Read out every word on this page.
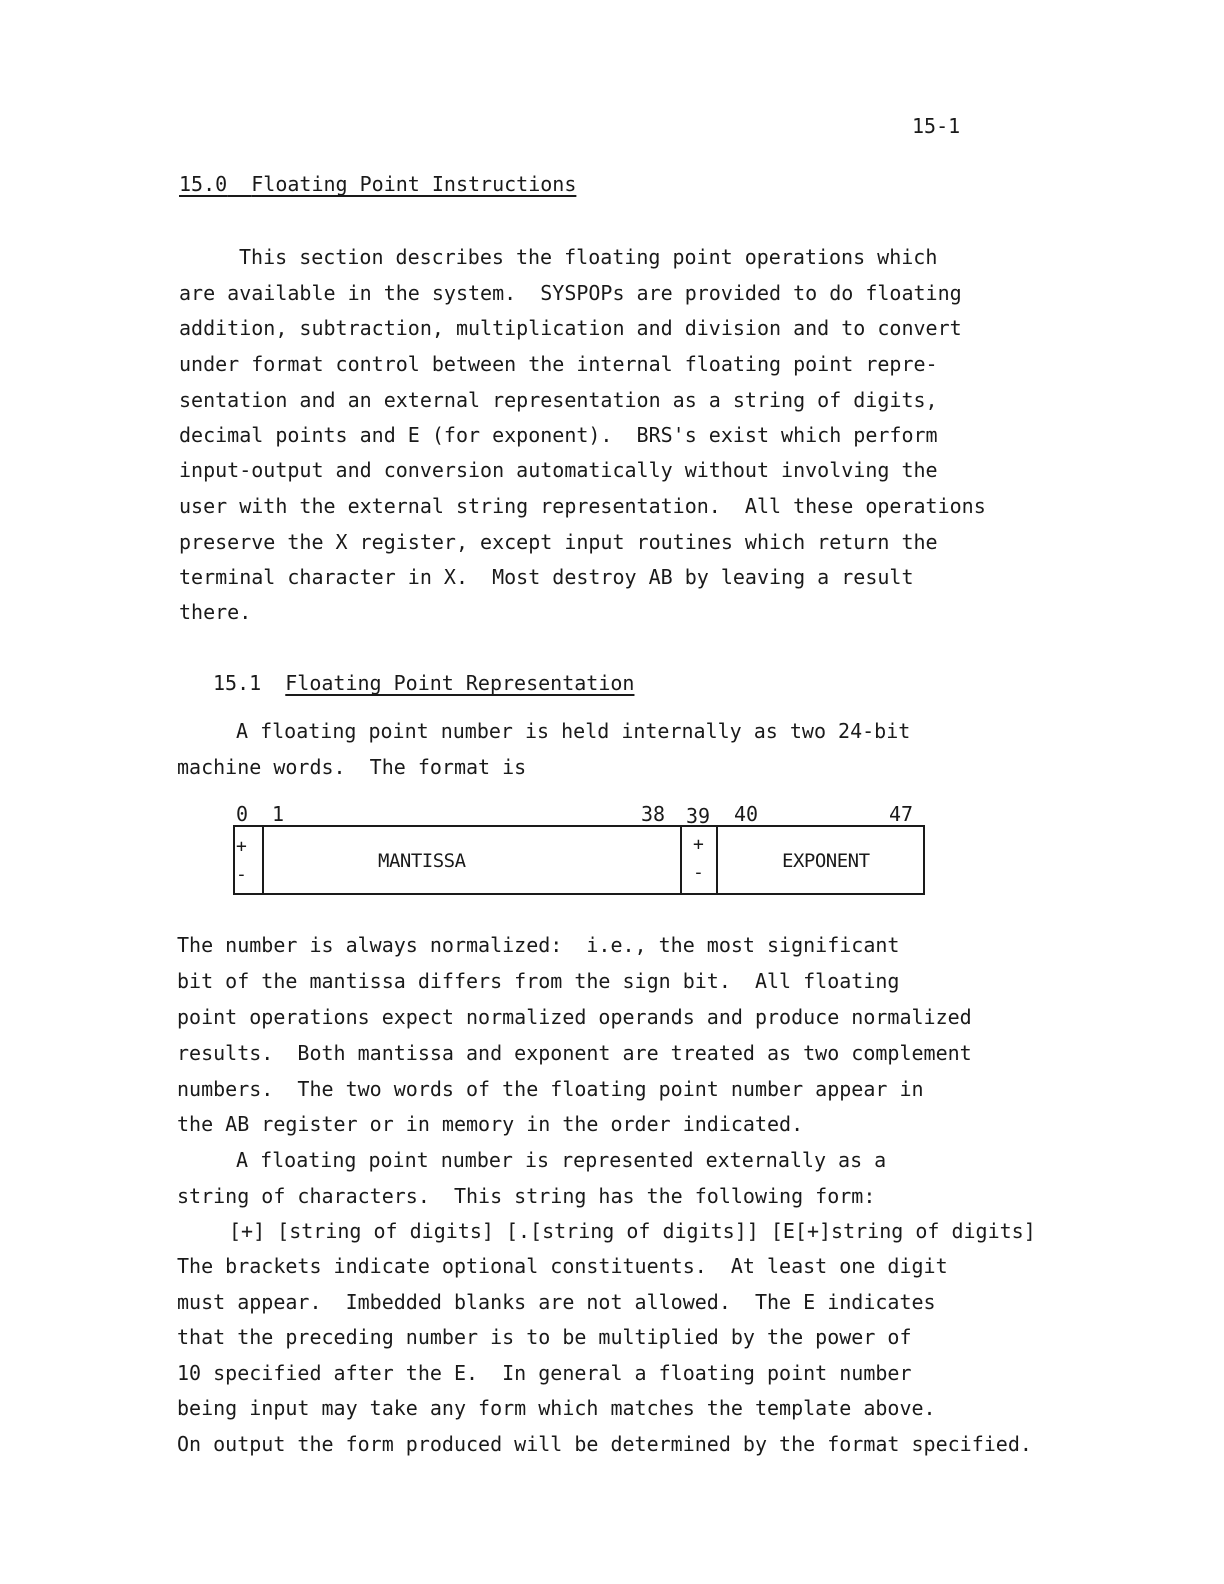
15-1
15.0 Floating Point Instructions
This section describes the floating point operations which
are available in the system.  SYSPOPs are provided to do floating
addition, subtraction, multiplication and division and to convert
under format control between the internal floating point repre-
sentation and an external representation as a string of digits,
decimal points and E (for exponent).  BRS's exist which perform
input-output and conversion automatically without involving the
user with the external string representation.  All these operations
preserve the X register, except input routines which return the
terminal character in X.  Most destroy AB by leaving a result
there.
15.1 Floating Point Representation
A floating point number is held internally as two 24-bit
machine words.  The format is
0 1	38 39 40	47
+
-
MANTISSA
+
-
EXPONENT
The number is always normalized:  i.e., the most significant
bit of the mantissa differs from the sign bit.  All floating
point operations expect normalized operands and produce normalized
results.  Both mantissa and exponent are treated as two complement
numbers.  The two words of the floating point number appear in
the AB register or in memory in the order indicated.
A floating point number is represented externally as a
string of characters.  This string has the following form:
[+] [string of digits] [.[string of digits]] [E[+]string of digits]
The brackets indicate optional constituents.  At least one digit
must appear.  Imbedded blanks are not allowed.  The E indicates
that the preceding number is to be multiplied by the power of
10 specified after the E.  In general a floating point number
being input may take any form which matches the template above.
On output the form produced will be determined by the format specified.
